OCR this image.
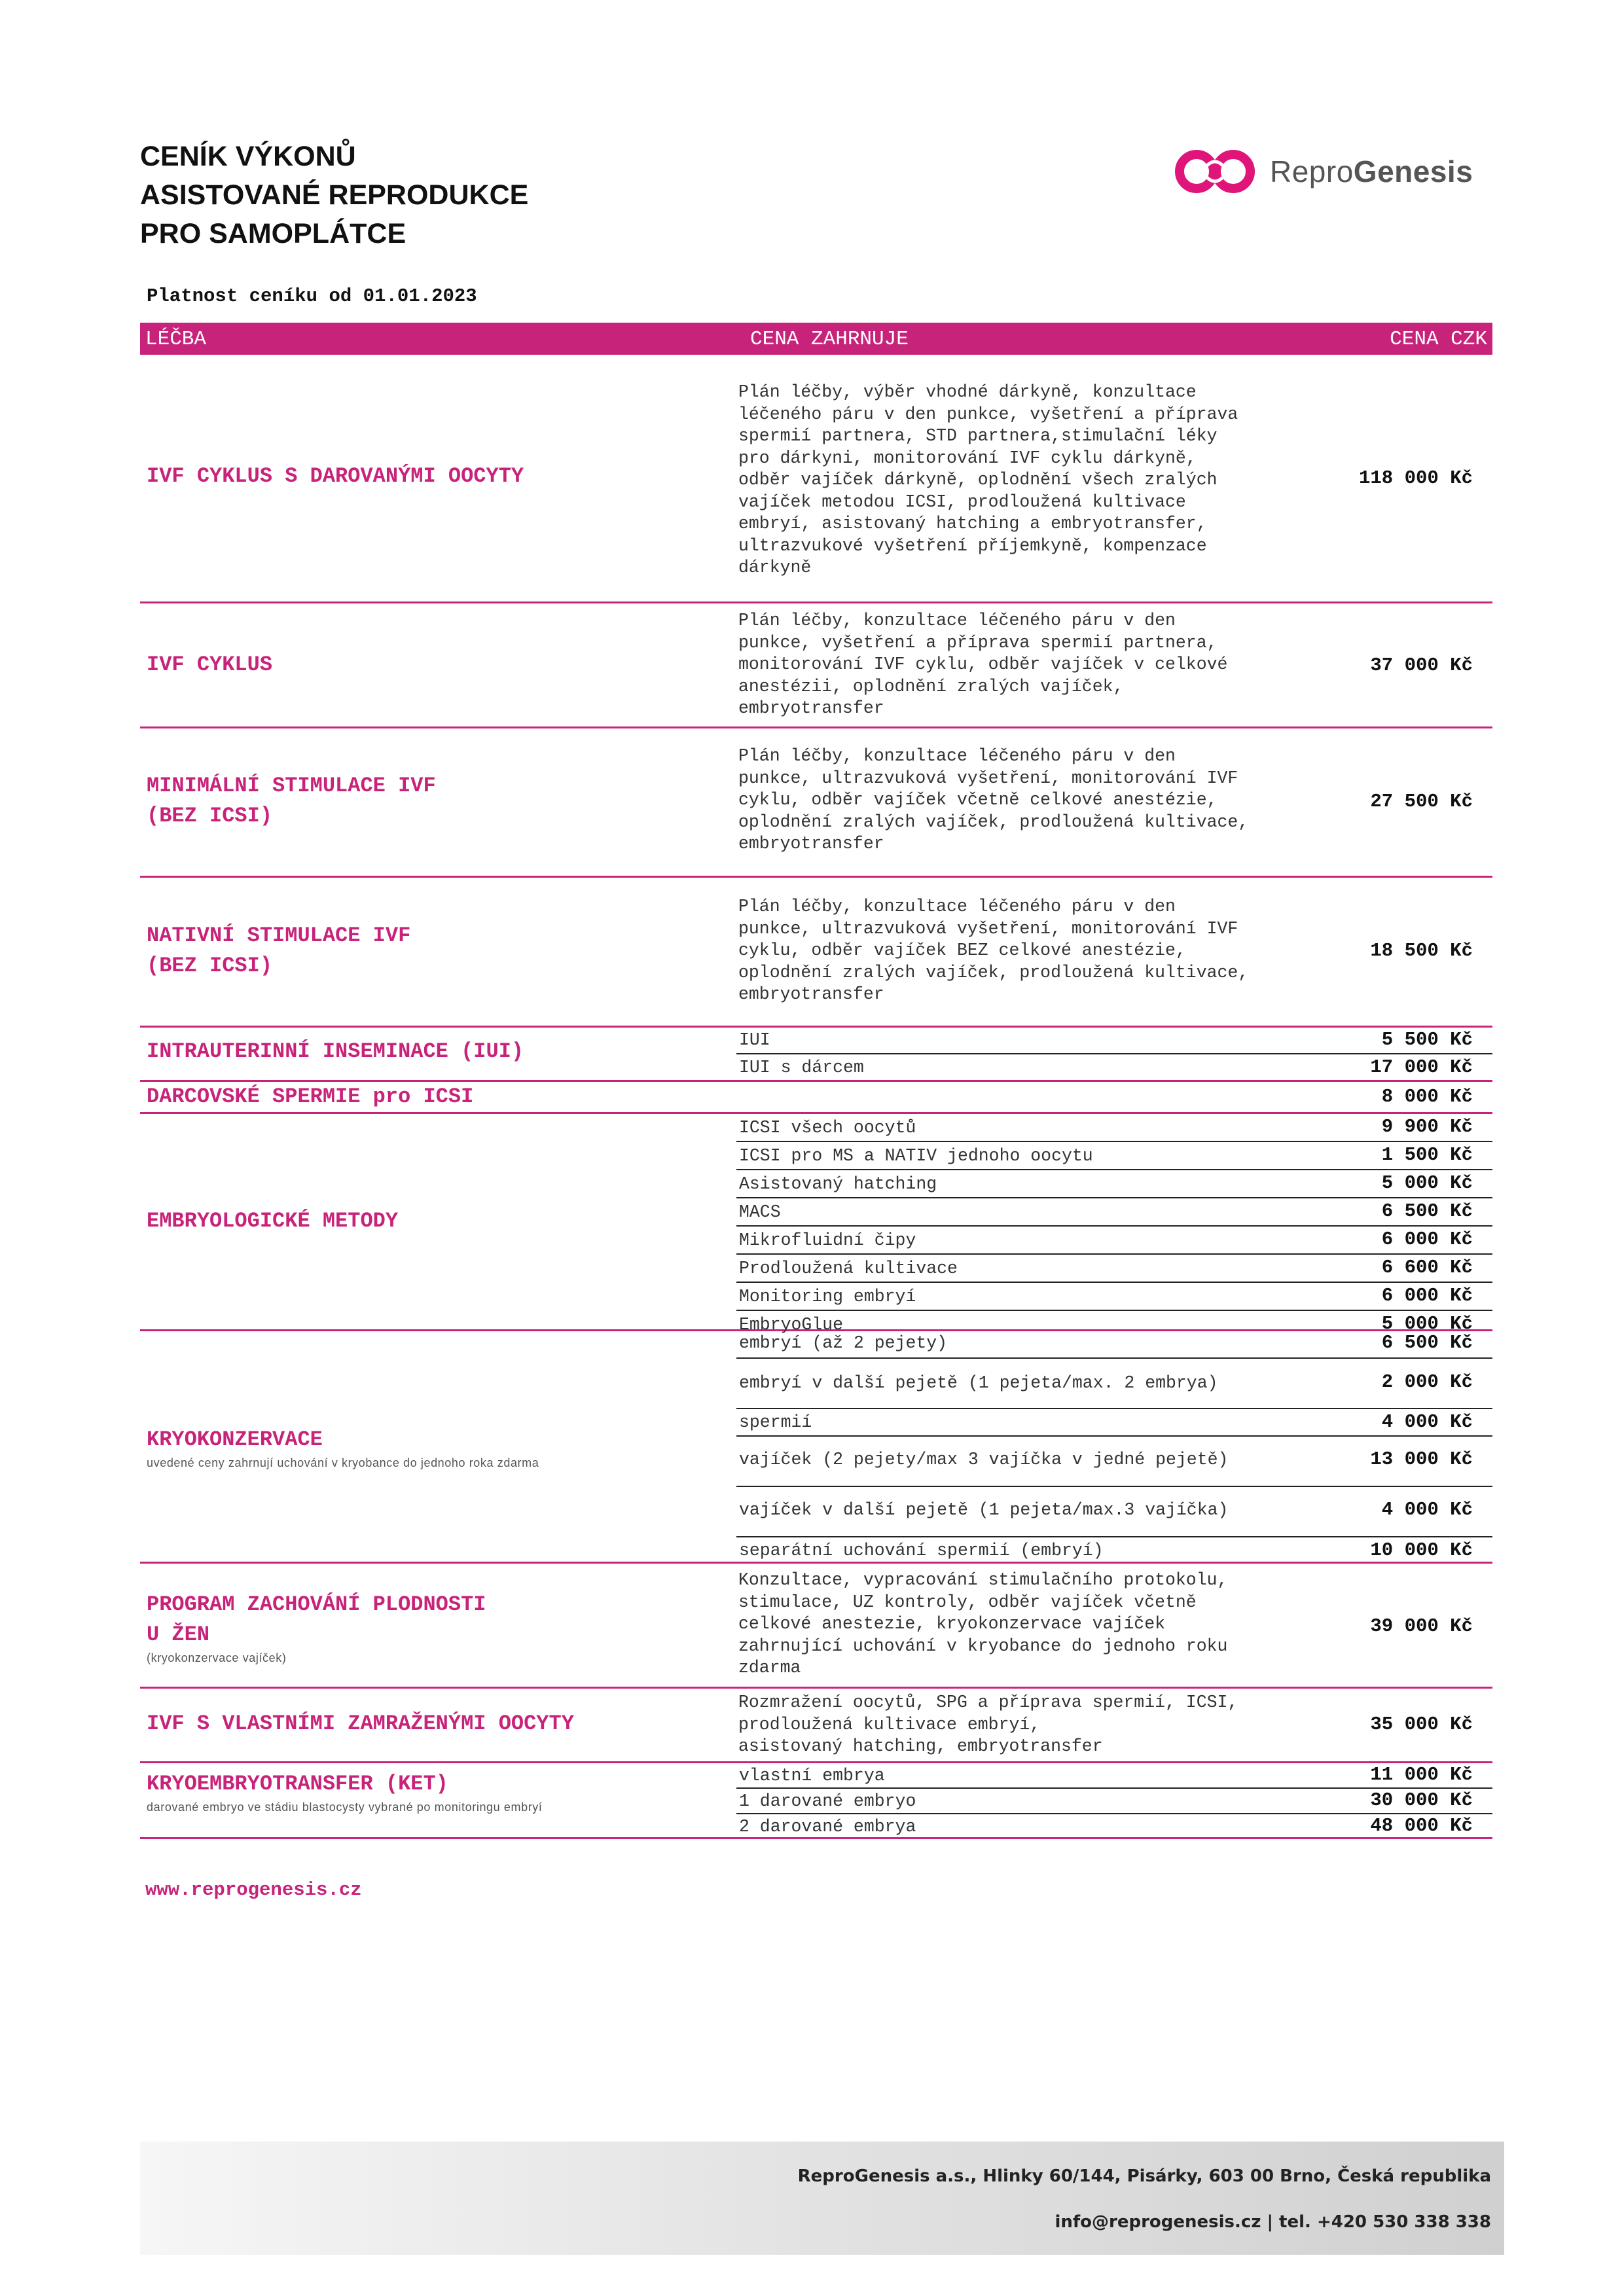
CENÍK VÝKONŮ
ASISTOVANÉ REPRODUKCE
PRO SAMOPLÁTCE
ReproGenesis
Platnost ceníku od 01.01.2023
LÉČBA	CENA ZAHRNUJE	CENA CZK
IVF CYKLUS S DAROVANÝMI OOCYTY
Plán léčby, výběr vhodné dárkyně, konzultace
léčeného páru v den punkce, vyšetření a příprava
spermií partnera, STD partnera,stimulační léky
pro dárkyni, monitorování IVF cyklu dárkyně,
odběr vajíček dárkyně, oplodnění všech zralých
vajíček metodou ICSI, prodloužená kultivace
embryí, asistovaný hatching a embryotransfer,
ultrazvukové vyšetření příjemkyně, kompenzace
dárkyně
118 000 Kč
IVF CYKLUS
Plán léčby, konzultace léčeného páru v den
punkce, vyšetření a příprava spermií partnera,
monitorování IVF cyklu, odběr vajíček v celkové
anestézii, oplodnění zralých vajíček,
embryotransfer
37 000 Kč
MINIMÁLNÍ STIMULACE IVF
(BEZ ICSI)
Plán léčby, konzultace léčeného páru v den
punkce, ultrazvuková vyšetření, monitorování IVF
cyklu, odběr vajíček včetně celkové anestézie,
oplodnění zralých vajíček, prodloužená kultivace,
embryotransfer
27 500 Kč
NATIVNÍ STIMULACE IVF
(BEZ ICSI)
Plán léčby, konzultace léčeného páru v den
punkce, ultrazvuková vyšetření, monitorování IVF
cyklu, odběr vajíček BEZ celkové anestézie,
oplodnění zralých vajíček, prodloužená kultivace,
embryotransfer
18 500 Kč
INTRAUTERINNÍ INSEMINACE (IUI)	IUI	5 500 Kč
IUI s dárcem	17 000 Kč
DARCOVSKÉ SPERMIE pro ICSI	8 000 Kč
EMBRYOLOGICKÉ METODY
ICSI všech oocytů	9 900 Kč
ICSI pro MS a NATIV jednoho oocytu	1 500 Kč
Asistovaný hatching	5 000 Kč
MACS	6 500 Kč
Mikrofluidní čipy	6 000 Kč
Prodloužená kultivace	6 600 Kč
Monitoring embryí	6 000 Kč
EmbryoGlue	5 000 Kč
KRYOKONZERVACE
uvedené ceny zahrnují uchování v kryobance do jednoho roka zdarma
embryí (až 2 pejety)	6 500 Kč
embryí v další pejetě (1 pejeta/max. 2 embrya)	2 000 Kč
spermií	4 000 Kč
vajíček (2 pejety/max 3 vajíčka v jedné pejetě)	13 000 Kč
vajíček v další pejetě (1 pejeta/max.3 vajíčka)	4 000 Kč
separátní uchování spermií (embryí)	10 000 Kč
PROGRAM ZACHOVÁNÍ PLODNOSTI
U ŽEN
(kryokonzervace vajíček)
Konzultace, vypracování stimulačního protokolu,
stimulace, UZ kontroly, odběr vajíček včetně
celkové anestezie, kryokonzervace vajíček
zahrnující uchování v kryobance do jednoho roku
zdarma
39 000 Kč
IVF S VLASTNÍMI ZAMRAŽENÝMI OOCYTY
Rozmražení oocytů, SPG a příprava spermií, ICSI,
prodloužená kultivace embryí,
asistovaný hatching, embryotransfer
35 000 Kč
KRYOEMBRYOTRANSFER (KET)
darované embryo ve stádiu blastocysty vybrané po monitoringu embryí
vlastní embrya	11 000 Kč
1 darované embryo	30 000 Kč
2 darované embrya	48 000 Kč
www.reprogenesis.cz
ReproGenesis a.s., Hlinky 60/144, Pisárky, 603 00 Brno, Česká republika
info@reprogenesis.cz | tel. +420 530 338 338
